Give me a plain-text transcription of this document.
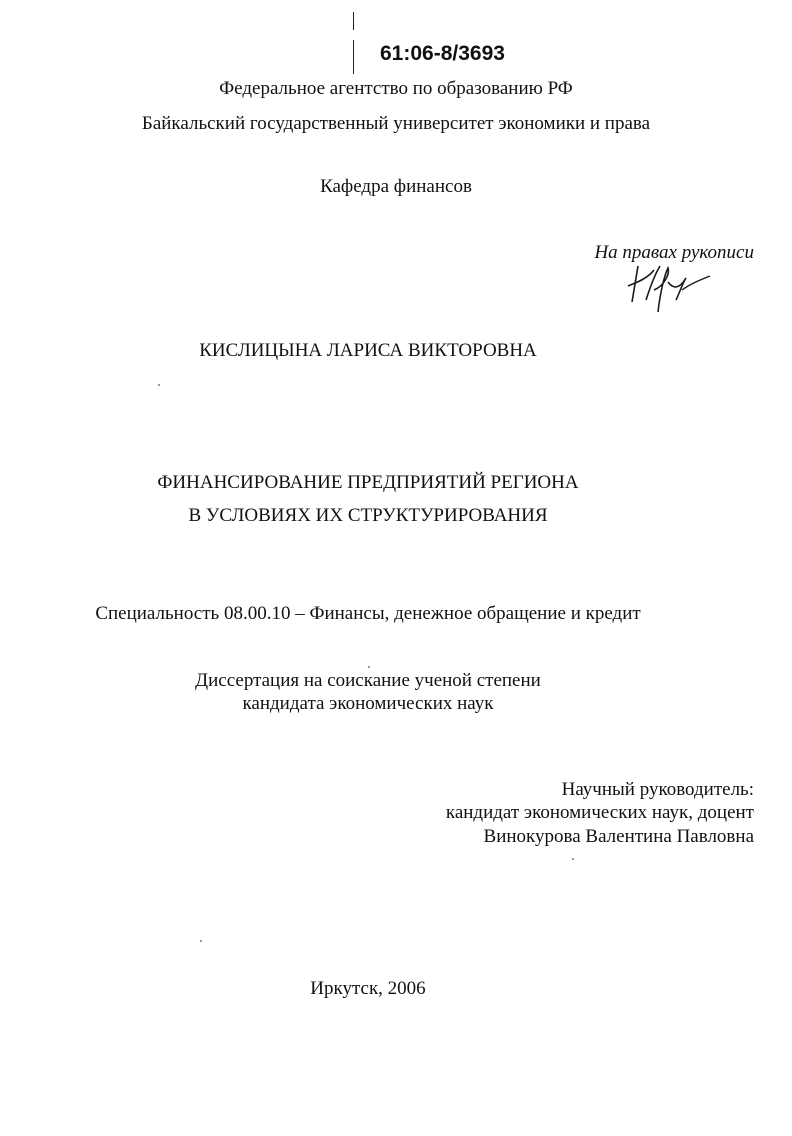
61:06-8/3693
Федеральное агентство по образованию РФ
Байкальский государственный университет экономики и права
Кафедра финансов
На правах рукописи
КИСЛИЦЫНА ЛАРИСА ВИКТОРОВНА
ФИНАНСИРОВАНИЕ ПРЕДПРИЯТИЙ РЕГИОНА
В УСЛОВИЯХ ИХ СТРУКТУРИРОВАНИЯ
Специальность 08.00.10 – Финансы, денежное обращение и кредит
Диссертация на соискание ученой степени
кандидата экономических наук
Научный руководитель:
кандидат экономических наук, доцент
Винокурова Валентина Павловна
Иркутск, 2006
